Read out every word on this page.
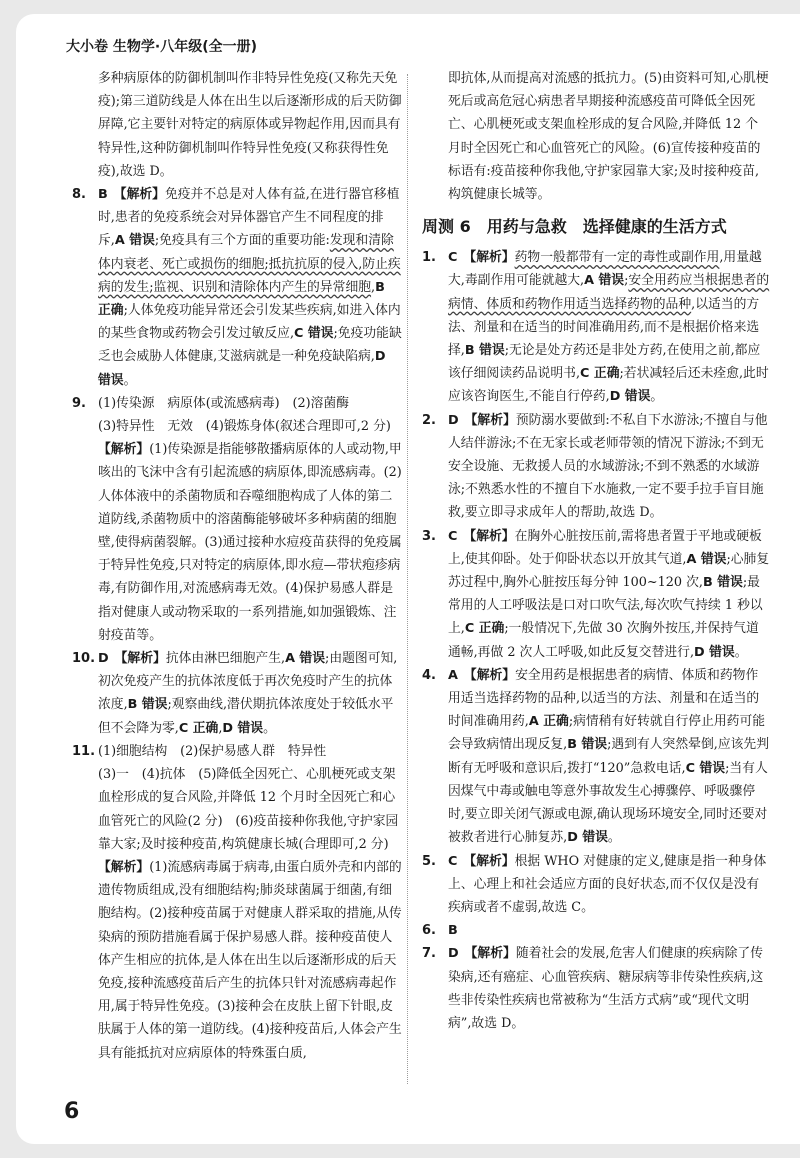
大小卷 生物学·八年级(全一册)

多种病原体的防御机制叫作非特异性免疫(又称先天免疫);第三道防线是人体在出生以后逐渐形成的后天防御屏障,它主要针对特定的病原体或异物起作用,因而具有特异性,这种防御机制叫作特异性免疫(又称获得性免疫),故选 D。

8. B 【解析】免疫并不总是对人体有益,在进行器官移植时,患者的免疫系统会对异体器官产生不同程度的排斥,A 错误;免疫具有三个方面的重要功能:发现和清除体内衰老、死亡或损伤的细胞;抵抗抗原的侵入,防止疾病的发生;监视、识别和清除体内产生的异常细胞,B 正确;人体免疫功能异常还会引发某些疾病,如进入体内的某些食物或药物会引发过敏反应,C 错误;免疫功能缺乏也会威胁人体健康,艾滋病就是一种免疫缺陷病,D 错误。
9. (1)传染源　病原体(或流感病毒)　(2)溶菌酶
(3)特异性　无效　(4)锻炼身体(叙述合理即可,2 分)

【解析】(1)传染源是指能够散播病原体的人或动物,甲咳出的飞沫中含有引起流感的病原体,即流感病毒。(2)人体体液中的杀菌物质和吞噬细胞构成了人体的第二道防线,杀菌物质中的溶菌酶能够破坏多种病菌的细胞壁,使得病菌裂解。(3)通过接种水痘疫苗获得的免疫属于特异性免疫,只对特定的病原体,即水痘—带状疱疹病毒,有防御作用,对流感病毒无效。(4)保护易感人群是指对健康人或动物采取的一系列措施,如加强锻炼、注射疫苗等。

10. D 【解析】抗体由淋巴细胞产生,A 错误;由题图可知,初次免疫产生的抗体浓度低于再次免疫时产生的抗体浓度,B 错误;观察曲线,潜伏期抗体浓度处于较低水平但不会降为零,C 正确,D 错误。
11. (1)细胞结构　(2)保护易感人群　特异性
(3)一　(4)抗体　(5)降低全因死亡、心肌梗死或支架血栓形成的复合风险,并降低 12 个月时全因死亡和心血管死亡的风险(2 分)　(6)疫苗接种你我他,守护家园靠大家;及时接种疫苗,构筑健康长城(合理即可,2 分)

【解析】(1)流感病毒属于病毒,由蛋白质外壳和内部的遗传物质组成,没有细胞结构;肺炎球菌属于细菌,有细胞结构。(2)接种疫苗属于对健康人群采取的措施,从传染病的预防措施看属于保护易感人群。接种疫苗使人体产生相应的抗体,是人体在出生以后逐渐形成的后天免疫,接种流感疫苗后产生的抗体只针对流感病毒起作用,属于特异性免疫。(3)接种会在皮肤上留下针眼,皮肤属于人体的第一道防线。(4)接种疫苗后,人体会产生具有能抵抗对应病原体的特殊蛋白质,

即抗体,从而提高对流感的抵抗力。(5)由资料可知,心肌梗死后或高危冠心病患者早期接种流感疫苗可降低全因死亡、心肌梗死或支架血栓形成的复合风险,并降低 12 个月时全因死亡和心血管死亡的风险。(6)宣传接种疫苗的标语有:疫苗接种你我他,守护家园靠大家;及时接种疫苗,构筑健康长城等。

周测 6　用药与急救　选择健康的生活方式
1. C 【解析】药物一般都带有一定的毒性或副作用,用量越大,毒副作用可能就越大,A 错误;安全用药应当根据患者的病情、体质和药物作用适当选择药物的品种,以适当的方法、剂量和在适当的时间准确用药,而不是根据价格来选择,B 错误;无论是处方药还是非处方药,在使用之前,都应该仔细阅读药品说明书,C 正确;若状减轻后还未痊愈,此时应该咨询医生,不能自行停药,D 错误。
2. D 【解析】预防溺水要做到:不私自下水游泳;不擅自与他人结伴游泳;不在无家长或老师带领的情况下游泳;不到无安全设施、无救援人员的水域游泳;不到不熟悉的水域游泳;不熟悉水性的不擅自下水施救,一定不要手拉手盲目施救,要立即寻求成年人的帮助,故选 D。
3. C 【解析】在胸外心脏按压前,需将患者置于平地或硬板上,使其仰卧。处于仰卧状态以开放其气道,A 错误;心肺复苏过程中,胸外心脏按压每分钟 100~120 次,B 错误;最常用的人工呼吸法是口对口吹气法,每次吹气持续 1 秒以上,C 正确;一般情况下,先做 30 次胸外按压,并保持气道通畅,再做 2 次人工呼吸,如此反复交替进行,D 错误。
4. A 【解析】安全用药是根据患者的病情、体质和药物作用适当选择药物的品种,以适当的方法、剂量和在适当的时间准确用药,A 正确;病情稍有好转就自行停止用药可能会导致病情出现反复,B 错误;遇到有人突然晕倒,应该先判断有无呼吸和意识后,拨打“120”急救电话,C 错误;当有人因煤气中毒或触电等意外事故发生心搏骤停、呼吸骤停时,要立即关闭气源或电源,确认现场环境安全,同时还要对被救者进行心肺复苏,D 错误。
5. C 【解析】根据 WHO 对健康的定义,健康是指一种身体上、心理上和社会适应方面的良好状态,而不仅仅是没有疾病或者不虚弱,故选 C。
6. B
7. D 【解析】随着社会的发展,危害人们健康的疾病除了传染病,还有癌症、心血管疾病、糖尿病等非传染性疾病,这些非传染性疾病也常被称为“生活方式病”或“现代文明病”,故选 D。
6
